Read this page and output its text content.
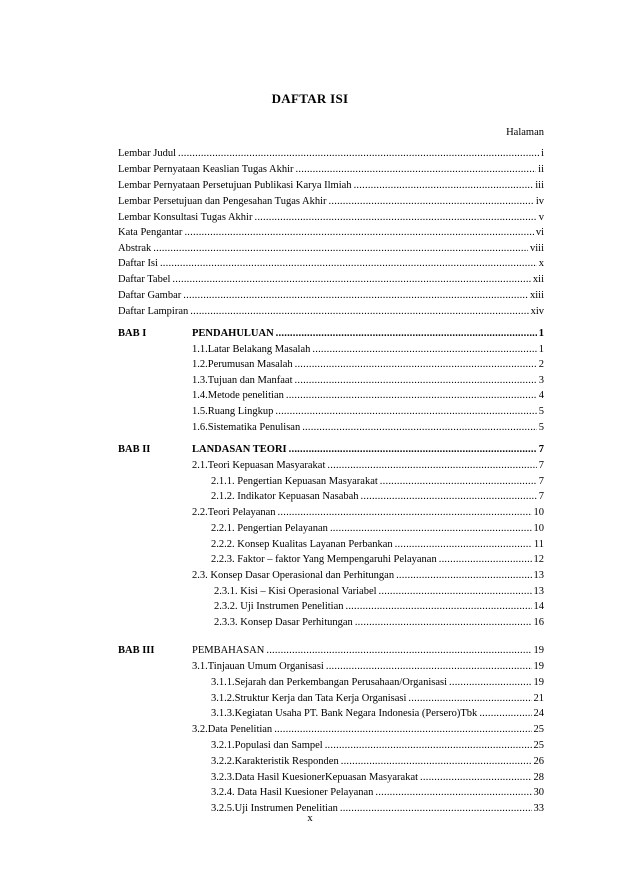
DAFTAR ISI
Halaman
Lembar Judul . . .	i
Lembar Pernyataan Keaslian Tugas Akhir . . .	ii
Lembar Pernyataan Persetujuan Publikasi Karya Ilmiah . . .	iii
Lembar Persetujuan dan Pengesahan Tugas Akhir . . .	iv
Lembar Konsultasi Tugas Akhir . . .	v
Kata Pengantar . . .	vi
Abstrak . . .	viii
Daftar Isi . . .	x
Daftar Tabel . . .	xii
Daftar Gambar . . .	xiii
Daftar Lampiran . . .	xiv
BAB I	PENDAHULUAN . . .	1
1.1.Latar Belakang Masalah . . .	1
1.2.Perumusan Masalah . . .	2
1.3.Tujuan dan Manfaat . . .	3
1.4.Metode penelitian . . .	4
1.5.Ruang Lingkup . . .	5
1.6.Sistematika Penulisan . . .	5
BAB II	LANDASAN TEORI . . .	7
2.1.Teori Kepuasan Masyarakat . . .	7
2.1.1. Pengertian Kepuasan Masyarakat . . .	7
2.1.2. Indikator Kepuasan Nasabah . . .	7
2.2.Teori Pelayanan . . .	10
2.2.1. Pengertian Pelayanan . . .	10
2.2.2. Konsep Kualitas Layanan Perbankan . . .	11
2.2.3. Faktor – faktor Yang Mempengaruhi Pelayanan . . .	12
2.3. Konsep Dasar Operasional dan Perhitungan . . .	13
2.3.1. Kisi – Kisi Operasional Variabel . . .	13
2.3.2. Uji Instrumen Penelitian . . .	14
2.3.3. Konsep Dasar Perhitungan . . .	16
BAB III	PEMBAHASAN . . .	19
3.1.Tinjauan Umum Organisasi . . .	19
3.1.1.Sejarah dan Perkembangan Perusahaan/Organisasi . . .	19
3.1.2.Struktur Kerja dan Tata Kerja Organisasi . . .	21
3.1.3.Kegiatan Usaha PT. Bank Negara Indonesia (Persero)Tbk . . .	24
3.2.Data Penelitian . . .	25
3.2.1.Populasi dan Sampel . . .	25
3.2.2.Karakteristik Responden . . .	26
3.2.3.Data Hasil KuesionerKepuasan Masyarakat . . .	28
3.2.4. Data Hasil Kuesioner Pelayanan . . .	30
3.2.5.Uji Instrumen Penelitian . . .	33
x
